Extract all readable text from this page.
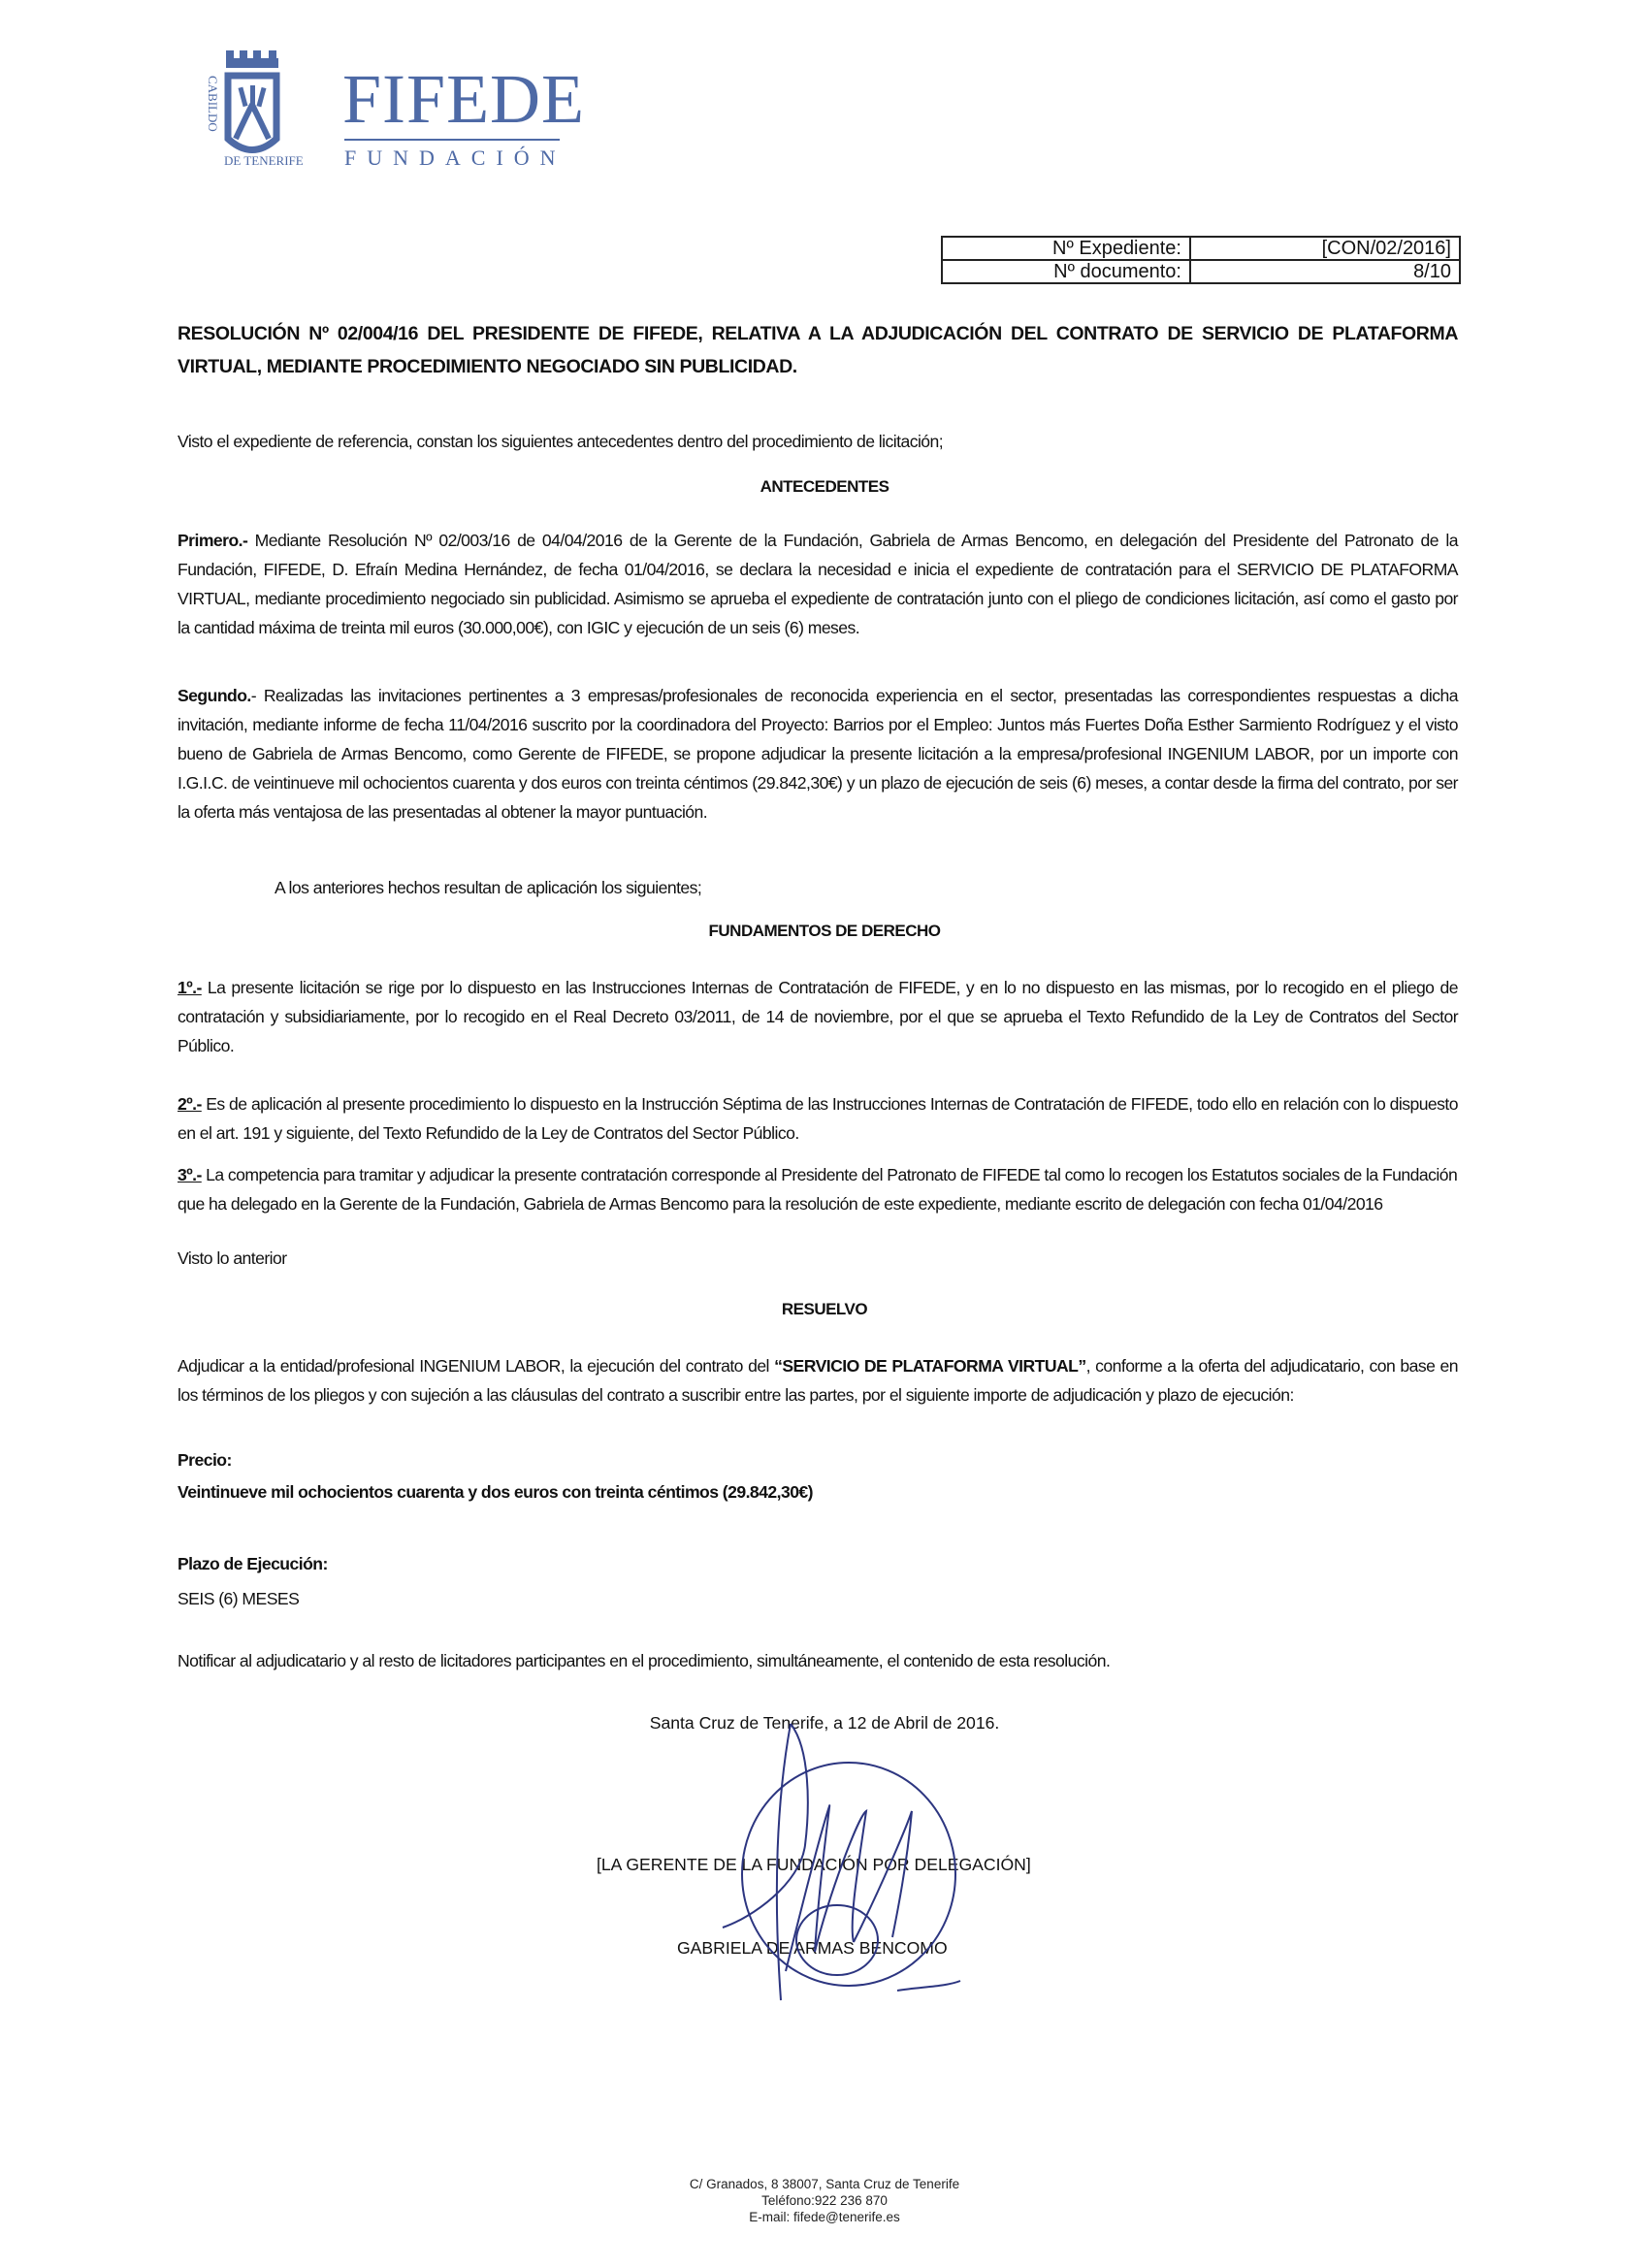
CABILDO
DE TENERIFE
FIFEDE
FUNDACIÓN
Nº Expediente:	[CON/02/2016]
Nº documento:	8/10
RESOLUCIÓN Nº 02/004/16 DEL PRESIDENTE DE FIFEDE, RELATIVA A LA ADJUDICACIÓN DEL CONTRATO DE SERVICIO DE PLATAFORMA VIRTUAL, MEDIANTE PROCEDIMIENTO NEGOCIADO SIN PUBLICIDAD.
Visto el expediente de referencia, constan los siguientes antecedentes dentro del procedimiento de licitación;
ANTECEDENTES
Primero.- Mediante Resolución Nº 02/003/16 de 04/04/2016 de la Gerente de la Fundación, Gabriela de Armas Bencomo, en delegación del Presidente del Patronato de la Fundación, FIFEDE, D. Efraín Medina Hernández, de fecha 01/04/2016, se declara la necesidad e inicia el expediente de contratación para el SERVICIO DE PLATAFORMA VIRTUAL, mediante procedimiento negociado sin publicidad. Asimismo se aprueba el expediente de contratación junto con el pliego de condiciones licitación, así como el gasto por la cantidad máxima de treinta mil euros (30.000,00€), con IGIC y ejecución de un seis (6) meses.
Segundo.- Realizadas las invitaciones pertinentes a 3 empresas/profesionales de reconocida experiencia en el sector, presentadas las correspondientes respuestas a dicha invitación, mediante informe de fecha 11/04/2016 suscrito por la coordinadora del Proyecto: Barrios por el Empleo: Juntos más Fuertes Doña Esther Sarmiento Rodríguez y el visto bueno de Gabriela de Armas Bencomo, como Gerente de FIFEDE, se propone adjudicar la presente licitación a la empresa/profesional INGENIUM LABOR, por un importe con I.G.I.C. de veintinueve mil ochocientos cuarenta y dos euros con treinta céntimos (29.842,30€) y un plazo de ejecución de seis (6) meses, a contar desde la firma del contrato, por ser la oferta más ventajosa de las presentadas al obtener la mayor puntuación.
A los anteriores hechos resultan de aplicación los siguientes;
FUNDAMENTOS DE DERECHO
1º.- La presente licitación se rige por lo dispuesto en las Instrucciones Internas de Contratación de FIFEDE, y en lo no dispuesto en las mismas, por lo recogido en el pliego de contratación y subsidiariamente, por lo recogido en el Real Decreto 03/2011, de 14 de noviembre, por el que se aprueba el Texto Refundido de la Ley de Contratos del Sector Público.
2º.- Es de aplicación al presente procedimiento lo dispuesto en la Instrucción Séptima de las Instrucciones Internas de Contratación de FIFEDE, todo ello en relación con lo dispuesto en el art. 191 y siguiente, del Texto Refundido de la Ley de Contratos del Sector Público.
3º.- La competencia para tramitar y adjudicar la presente contratación corresponde al Presidente del Patronato de FIFEDE tal como lo recogen los Estatutos sociales de la Fundación que ha delegado en la Gerente de la Fundación, Gabriela de Armas Bencomo para la resolución de este expediente, mediante escrito de delegación con fecha 01/04/2016
Visto lo anterior
RESUELVO
Adjudicar a la entidad/profesional INGENIUM LABOR, la ejecución del contrato del “SERVICIO DE PLATAFORMA VIRTUAL”, conforme a la oferta del adjudicatario, con base en los términos de los pliegos y con sujeción a las cláusulas del contrato a suscribir entre las partes, por el siguiente importe de adjudicación y plazo de ejecución:
Precio:
Veintinueve mil ochocientos cuarenta y dos euros con treinta céntimos (29.842,30€)
Plazo de Ejecución:
SEIS (6) MESES
Notificar al adjudicatario y al resto de licitadores participantes en el procedimiento, simultáneamente, el contenido de esta resolución.
Santa Cruz de Tenerife, a 12 de Abril de 2016.
[LA GERENTE DE LA FUNDACIÓN POR DELEGACIÓN]
GABRIELA DE ARMAS BENCOMO
C/ Granados, 8 38007, Santa Cruz de Tenerife
Teléfono:922 236 870
E-mail: fifede@tenerife.es
